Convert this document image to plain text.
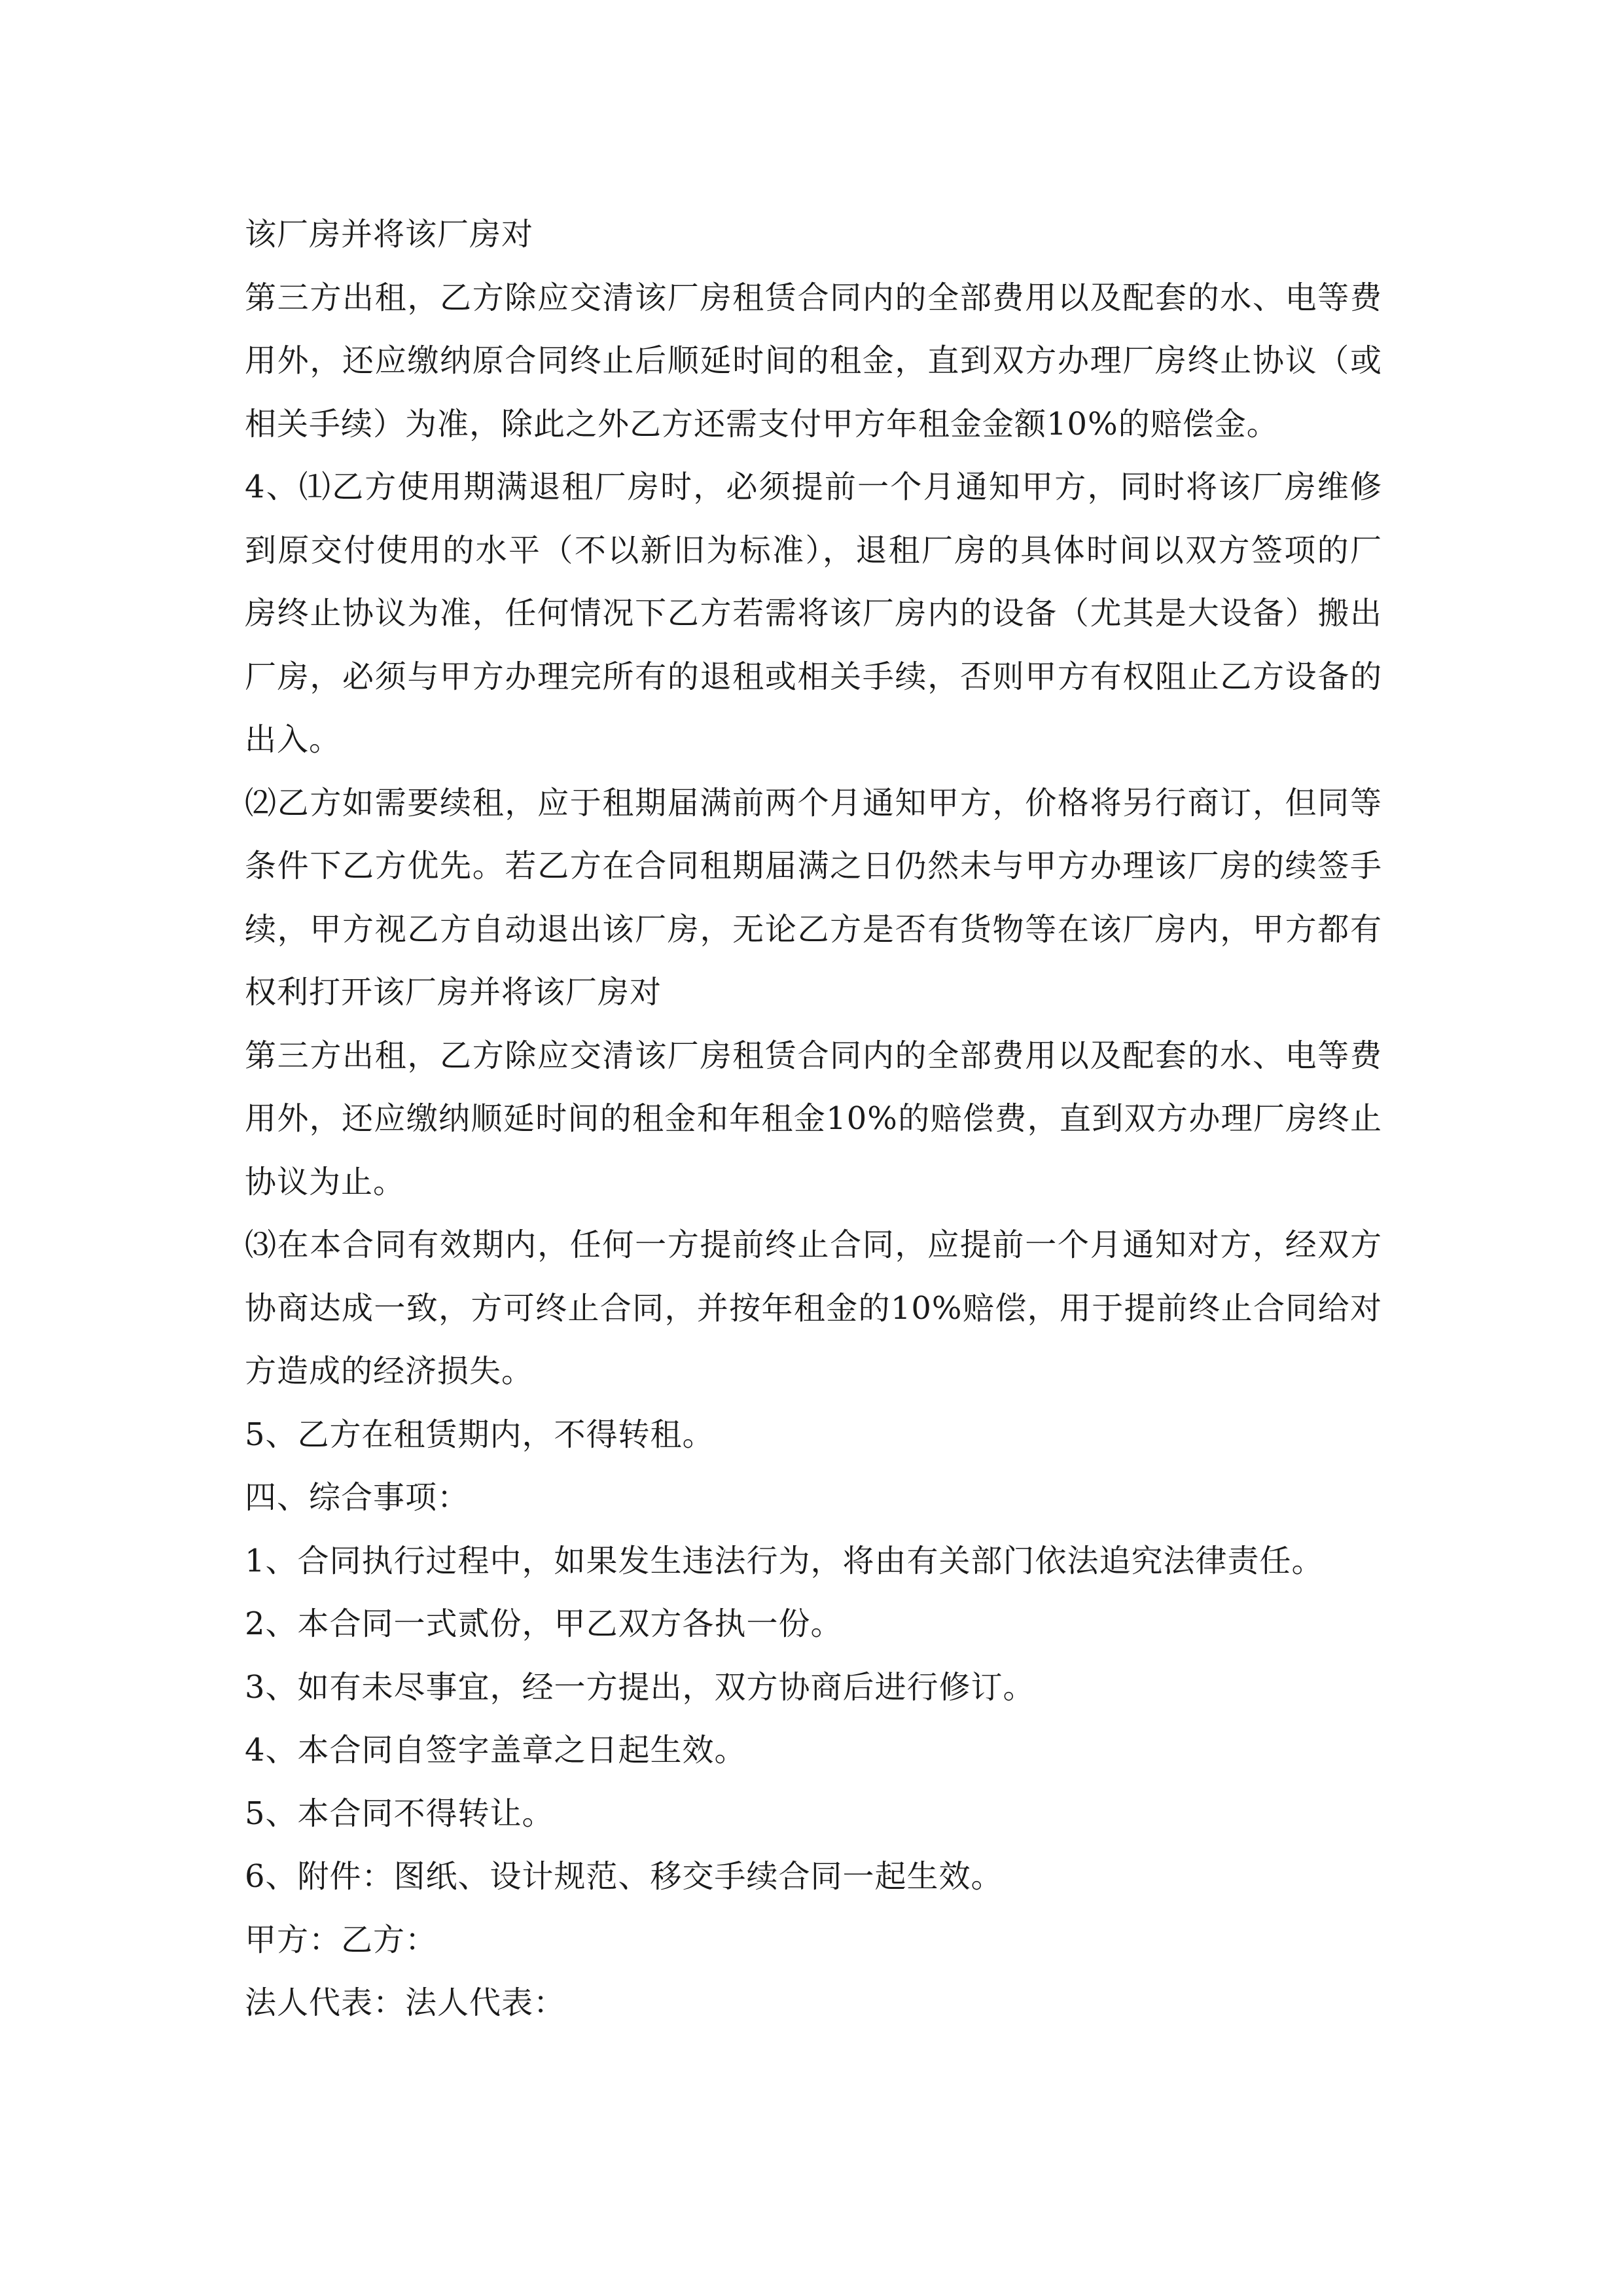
该厂房并将该厂房对

第三方出租，乙方除应交清该厂房租赁合同内的全部费用以及配套的水、电等费用外，还应缴纳原合同终止后顺延时间的租金，直到双方办理厂房终止协议（或相关手续）为准，除此之外乙方还需支付甲方年租金金额10%的赔偿金。

4、⑴乙方使用期满退租厂房时，必须提前一个月通知甲方，同时将该厂房维修到原交付使用的水平（不以新旧为标准），退租厂房的具体时间以双方签项的厂房终止协议为准，任何情况下乙方若需将该厂房内的设备（尤其是大设备）搬出厂房，必须与甲方办理完所有的退租或相关手续，否则甲方有权阻止乙方设备的出入。

⑵乙方如需要续租，应于租期届满前两个月通知甲方，价格将另行商订，但同等条件下乙方优先。若乙方在合同租期届满之日仍然未与甲方办理该厂房的续签手续，甲方视乙方自动退出该厂房，无论乙方是否有货物等在该厂房内，甲方都有权利打开该厂房并将该厂房对

第三方出租，乙方除应交清该厂房租赁合同内的全部费用以及配套的水、电等费用外，还应缴纳顺延时间的租金和年租金10%的赔偿费，直到双方办理厂房终止协议为止。

⑶在本合同有效期内，任何一方提前终止合同，应提前一个月通知对方，经双方协商达成一致，方可终止合同，并按年租金的10%赔偿，用于提前终止合同给对方造成的经济损失。

5、乙方在租赁期内，不得转租。

四、综合事项：

1、合同执行过程中，如果发生违法行为，将由有关部门依法追究法律责任。

2、本合同一式贰份，甲乙双方各执一份。

3、如有未尽事宜，经一方提出，双方协商后进行修订。

4、本合同自签字盖章之日起生效。

5、本合同不得转让。

6、附件：图纸、设计规范、移交手续合同一起生效。

甲方：乙方：

法人代表：法人代表：
